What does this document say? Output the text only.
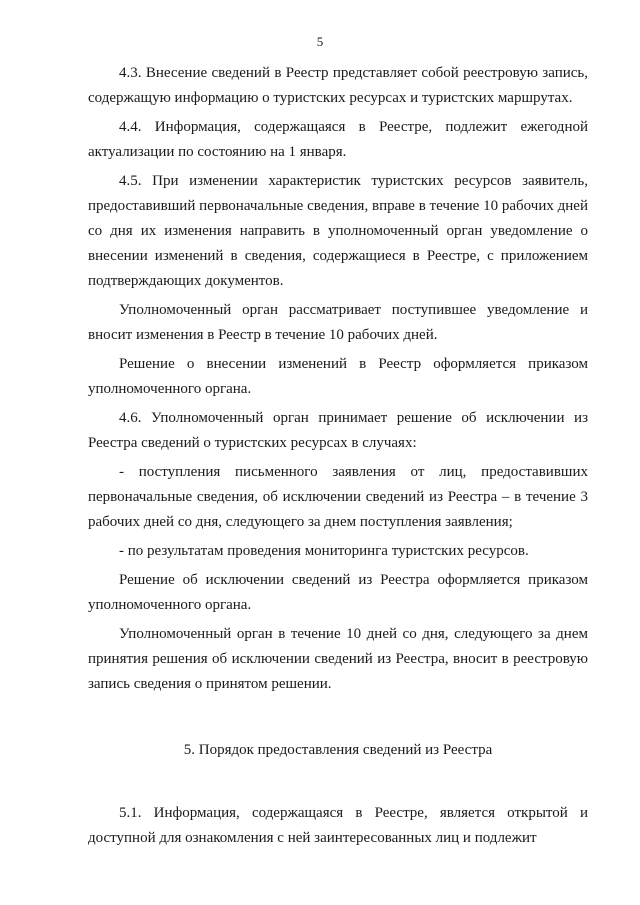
5

4.3. Внесение сведений в Реестр представляет собой реестровую запись, содержащую информацию о туристских ресурсах и туристских маршрутах.

4.4. Информация, содержащаяся в Реестре, подлежит ежегодной актуализации по состоянию на 1 января.

4.5. При изменении характеристик туристских ресурсов заявитель, предоставивший первоначальные сведения, вправе в течение 10 рабочих дней со дня их изменения направить в уполномоченный орган уведомление о внесении изменений в сведения, содержащиеся в Реестре, с приложением подтверждающих документов.

Уполномоченный орган рассматривает поступившее уведомление и вносит изменения в Реестр в течение 10 рабочих дней.

Решение о внесении изменений в Реестр оформляется приказом уполномоченного органа.

4.6. Уполномоченный орган принимает решение об исключении из Реестра сведений о туристских ресурсах в случаях:

- поступления письменного заявления от лиц, предоставивших первоначальные сведения, об исключении сведений из Реестра – в течение 3 рабочих дней со дня, следующего за днем поступления заявления;

- по результатам проведения мониторинга туристских ресурсов.

Решение об исключении сведений из Реестра оформляется приказом уполномоченного органа.

Уполномоченный орган в течение 10 дней со дня, следующего за днем принятия решения об исключении сведений из Реестра, вносит в реестровую запись сведения о принятом решении.

5. Порядок предоставления сведений из Реестра

5.1. Информация, содержащаяся в Реестре, является открытой и доступной для ознакомления с ней заинтересованных лиц и подлежит
